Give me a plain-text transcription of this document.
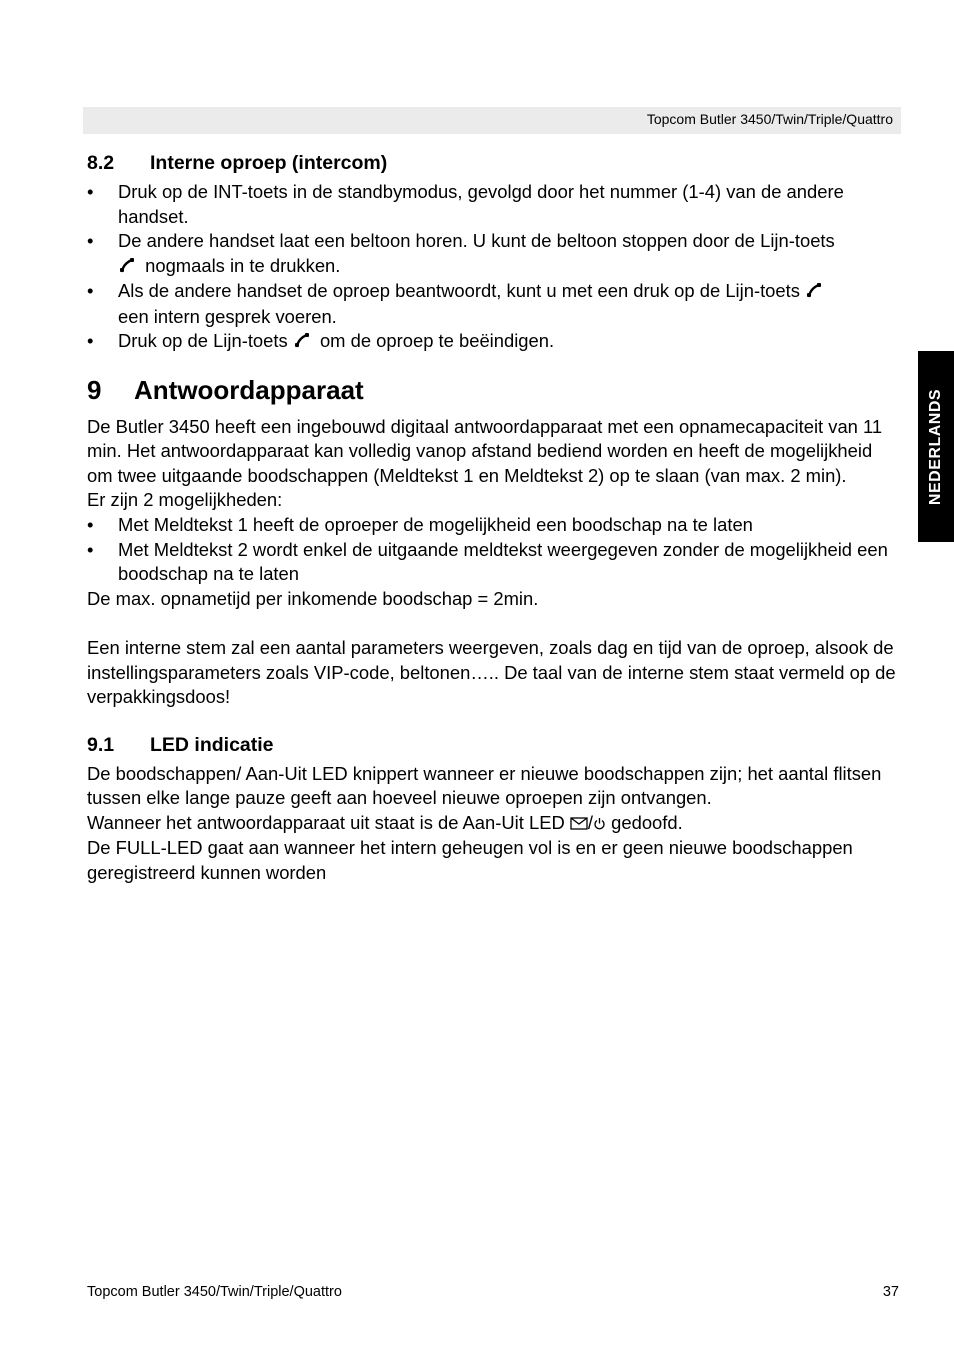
Topcom Butler 3450/Twin/Triple/Quattro
NEDERLANDS
8.2 Interne oproep (intercom)
• Druk op de INT-toets in de standbymodus, gevolgd door het nummer (1-4) van de andere handset.
• De andere handset laat een beltoon horen. U kunt de beltoon stoppen door de Lijn-toets
nogmaals in te drukken.
• Als de andere handset de oproep beantwoordt, kunt u met een druk op de Lijn-toets
een intern gesprek voeren.
• Druk op de Lijn-toets om de oproep te beëindigen.
9 Antwoordapparaat

De Butler 3450 heeft een ingebouwd digitaal antwoordapparaat met een opnamecapaciteit van 11 min. Het antwoordapparaat kan volledig vanop afstand bediend worden en heeft de mogelijkheid om twee uitgaande boodschappen (Meldtekst 1 en Meldtekst 2) op te slaan (van max. 2 min).

Er zijn 2 mogelijkheden:

• Met Meldtekst 1 heeft de oproeper de mogelijkheid een boodschap na te laten
• Met Meldtekst 2 wordt enkel de uitgaande meldtekst weergegeven zonder de mogelijkheid een boodschap na te laten

De max. opnametijd per inkomende boodschap = 2min.

Een interne stem zal een aantal parameters weergeven, zoals dag en tijd van de oproep, alsook de instellingsparameters zoals VIP-code, beltonen….. De taal van de interne stem staat vermeld op de verpakkingsdoos!

9.1 LED indicatie

De boodschappen/ Aan-Uit LED knippert wanneer er nieuwe boodschappen zijn; het aantal flitsen tussen elke lange pauze geeft aan hoeveel nieuwe oproepen zijn ontvangen.

Wanneer het antwoordapparaat uit staat is de Aan-Uit LED / gedoofd.

De FULL-LED gaat aan wanneer het intern geheugen vol is en er geen nieuwe boodschappen geregistreerd kunnen worden

Topcom Butler 3450/Twin/Triple/Quattro	37
